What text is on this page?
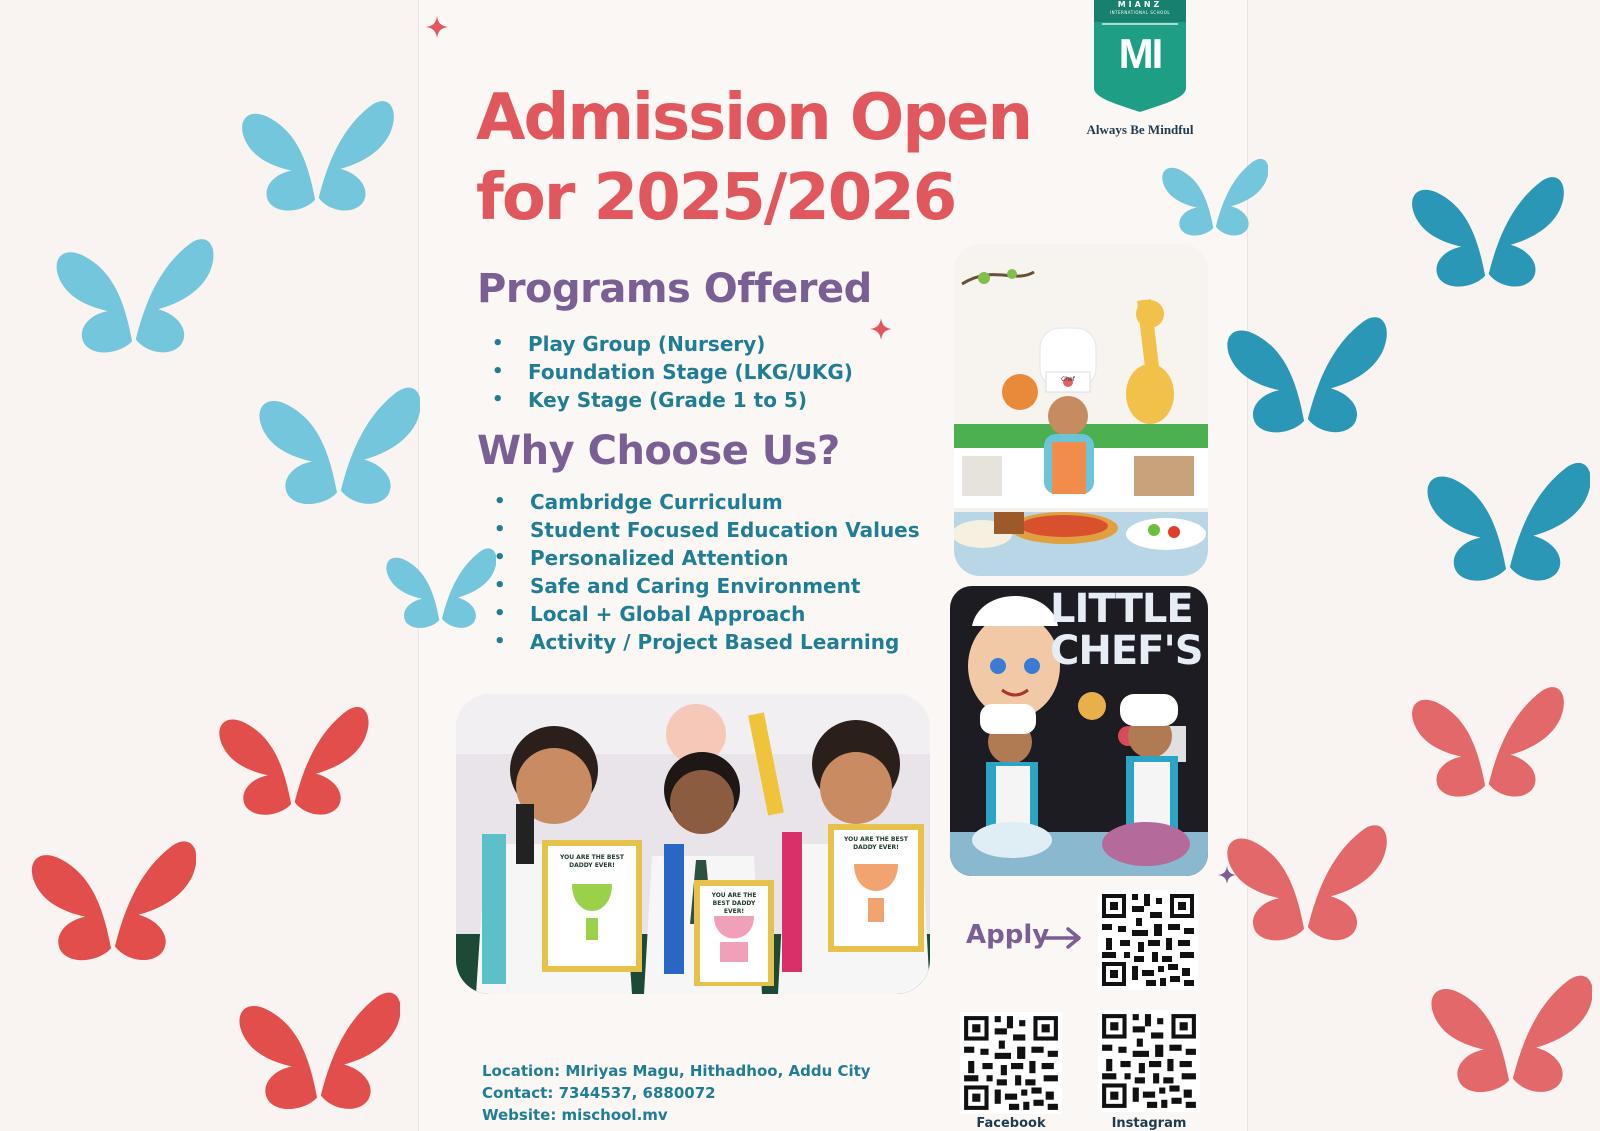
MIANZ
INTERNATIONAL SCHOOL
MI
Always Be Mindful
Admission Open
for 2025/2026
Programs Offered
• Play Group (Nursery)
• Foundation Stage (LKG/UKG)
• Key Stage (Grade 1 to 5)
Why Choose Us?
• Cambridge Curriculum
• Student Focused Education Values
• Personalized Attention
• Safe and Caring Environment
• Local + Global Approach
• Activity / Project Based Learning
Chef
LITTLE CHEF'S
YOU ARE THE BEST DADDY EVER!
YOU ARE THE BEST DADDY EVER!
YOU ARE THE BEST DADDY EVER!
Apply
Facebook	Instagram
Location: MIriyas Magu, Hithadhoo, Addu City
Contact: 7344537, 6880072
Website: mischool.mv
